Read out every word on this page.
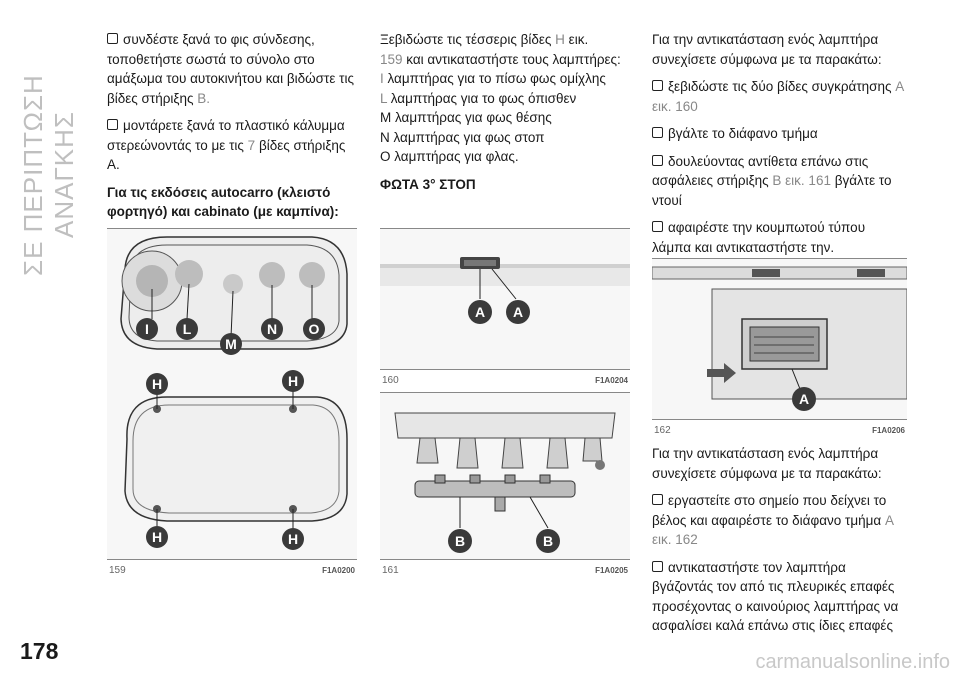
ΣΕ ΠΕΡΙΠΤΩΣΗ ΑΝΑΓΚΗΣ
178	carmanualsonline.info

συνδέστε ξανά το φις σύνδεσης, τοποθετήστε σωστά το σύνολο στο αμάξωμα του αυτοκινήτου και βιδώστε τις βίδες στήριξης B.

μοντάρετε ξανά το πλαστικό κάλυμμα στερεώνοντάς το με τις 7 βίδες στήριξης A.

Για τις εκδόσεις autocarro (κλειστό φορτηγό) και cabinato (με καμπίνα):

I L
M
N O
H	H
H	H
159	F1A0200

Ξεβιδώστε τις τέσσερις βίδες H εικ.

159 και αντικαταστήστε τους λαμπτήρες:

I λαμπτήρας για το πίσω φως ομίχλης

L λαμπτήρας για το φως όπισθεν

M λαμπτήρας για φως θέσης

N λαμπτήρας για φως στοπ

O λαμπτήρας για φλας.

ΦΩΤΑ 3° ΣΤΟΠ

A A
160	F1A0204
B	B
161	F1A0205

Για την αντικατάσταση ενός λαμπτήρα συνεχίσετε σύμφωνα με τα παρακάτω:

ξεβιδώστε τις δύο βίδες συγκράτησης A εικ. 160

βγάλτε το διάφανο τμήμα

δουλεύοντας αντίθετα επάνω στις ασφάλειες στήριξης B εικ. 161 βγάλτε το ντουί

αφαιρέστε την κουμπωτού τύπου λάμπα και αντικαταστήστε την.

A
162	F1A0206

Για την αντικατάσταση ενός λαμπτήρα συνεχίσετε σύμφωνα με τα παρακάτω:

εργαστείτε στο σημείο που δείχνει το βέλος και αφαιρέστε το διάφανο τμήμα A εικ. 162

αντικαταστήστε τον λαμπτήρα βγάζοντάς τον από τις πλευρικές επαφές προσέχοντας ο καινούριος λαμπτήρας να ασφαλίσει καλά επάνω στις ίδιες επαφές
